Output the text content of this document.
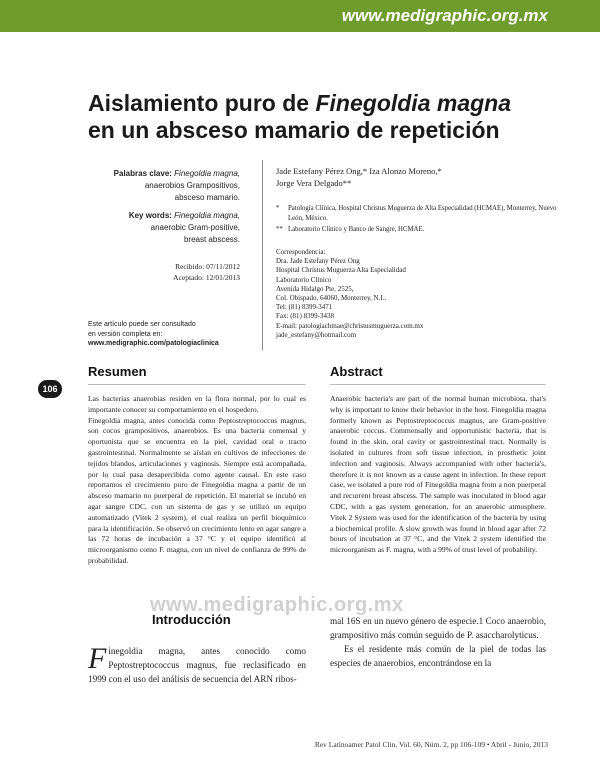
www.medigraphic.org.mx
Aislamiento puro de Finegoldia magna
en un absceso mamario de repetición
Palabras clave: Finegoldia magna,
anaerobios Grampositivos,
absceso mamario.
Key words: Finegoldia magna,
anaerobic Gram-positive,
breast abscess.
Recibido: 07/11/2012
Aceptado: 12/01/2013
Este artículo puede ser consultado
en versión completa en:
www.medigraphic.com/patologiaclinica
Jade Estefany Pérez Ong,* Iza Alonzo Moreno,*
Jorge Vera Delgado**
* Patología Clínica, Hospital Christus Muguerza de Alta Especialidad (HCMAE), Monterrey, Nuevo León, México.
** Laboratorio Clínico y Banco de Sangre, HCMAE.
Correspondencia:
Dra. Jade Estefany Pérez Ong
Hospital Christus Muguerza Alta Especialidad
Laboratorio Clínico
Avenida Hidalgo Pte. 2525,
Col. Obispado, 64060, Monterrey, N.L.
Tel: (81) 8399-3471
Fax: (81) 8399-3438
E-mail: patologiachmae@christusmuguerza.com.mx
jade_estefany@hotmail.com
106
Resumen

Las bacterias anaerobias residen en la flora normal, por lo cual es importante conocer su comportamiento en el hospedero.

Finegoldia magna, antes conocida como Peptostreptococcus magnus, son cocos grampositivos, anaerobios. Es una bacteria comensal y oportunista que se encuentra en la piel, cavidad oral o tracto gastrointestinal. Normalmente se aíslan en cultivos de infecciones de tejidos blandos, articulaciones y vaginosis. Siempre está acompañada, por lo cual pasa desapercibida como agente causal. En este caso reportamos el crecimiento puro de Finegoldia magna a partir de un absceso mamario no puerperal de repetición. El material se incubó en agar sangre CDC, con un sistema de gas y se utilizó un equipo automatizado (Vitek 2 system), el cual realiza un perfil bioquímico para la identificación. Se observó un crecimiento lento en agar sangre a las 72 horas de incubación a 37 °C y el equipo identificó al microorganismo como F. magna, con un nivel de confianza de 99% de probabilidad.

Abstract

Anaerobic bacteria's are part of the normal human microbiota, that's why is important to know their behavior in the host. Finegoldia magna formerly known as Peptostreptococcus magnus, are Gram-positive anaerobic coccus. Commensally and opportunistic bacteria, that is found in the skin, oral cavity or gastrointestinal tract. Normally is isolated in cultures from soft tissue infection, in prosthetic joint infection and vaginosis. Always accompanied with other bacteria's, therefore it is not known as a cause agent in infection. In these report case, we isolated a pure rod of Finegoldia magna from a non puerperal and recurrent breast abscess. The sample was inoculated in blood agar CDC, with a gas system generation, for an anaerobic atmosphere. Vitek 2 System was used for the identification of the bacteria by using a biochemical profile. A slow growth was found in blood agar after 72 hours of incubation at 37 °C, and the Vitek 2 system identified the microorganism as F. magna, with a 99% of trust level of probability.

www.medigraphic.org.mx
Introducción
Finegoldia magna, antes conocido como Peptostreptococcus magnus, fue reclasificado en 1999 con el uso del análisis de secuencia del ARN ribos-
mal 16S en un nuevo género de especie.1 Coco anaerobio, grampositivo más común seguido de P. asaccharolyticus.
Es el residente más común de la piel de todas las especies de anaerobios, encontrándose en la
Rev Latinoamer Patol Clin, Vol. 60, Núm. 2, pp 106-109 • Abril - Junio, 2013
